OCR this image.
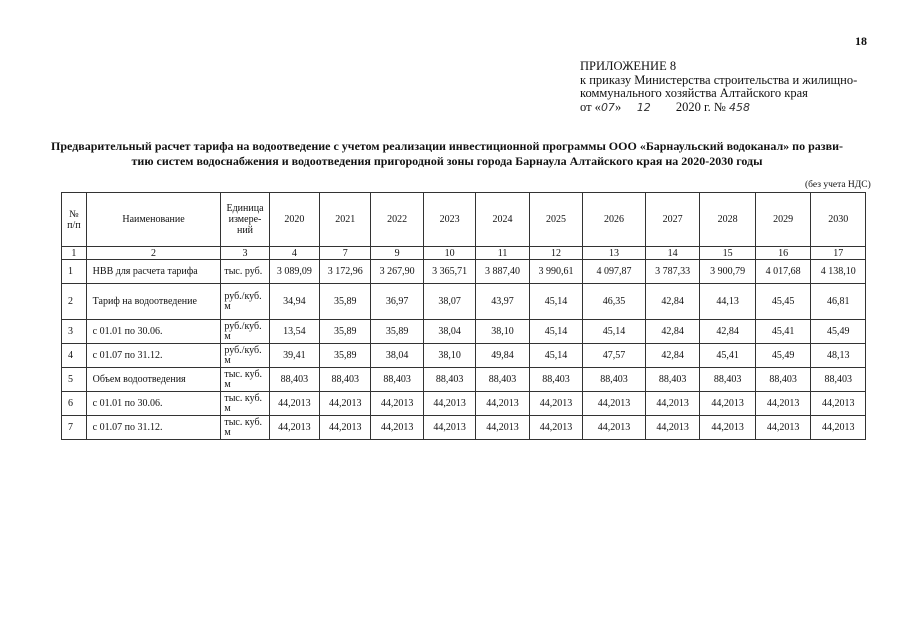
18
ПРИЛОЖЕНИЕ 8
к приказу Министерства строительства и жилищно-
коммунального хозяйства Алтайского края
от «07» 12 2020 г. № 458
Предварительный расчет тарифа на водоотведение с учетом реализации инвестиционной программы ООО «Барнаульский водоканал» по разви-
тию систем водоснабжения и водоотведения пригородной зоны города Барнаула Алтайского края на 2020-2030 годы
(без учета НДС)
№ п/п	Наименование	Единица измере-ний	2020	2021	2022	2023	2024	2025	2026	2027	2028	2029	2030
1	2	3	4	7	9	10	11	12	13	14	15	16	17
1	НВВ для расчета тарифа	тыс. руб.	3 089,09	3 172,96	3 267,90	3 365,71	3 887,40	3 990,61	4 097,87	3 787,33	3 900,79	4 017,68	4 138,10
2	Тариф на водоотведение	руб./куб. м	34,94	35,89	36,97	38,07	43,97	45,14	46,35	42,84	44,13	45,45	46,81
3	с 01.01 по 30.06.	руб./куб. м	13,54	35,89	35,89	38,04	38,10	45,14	45,14	42,84	42,84	45,41	45,49
4	с 01.07 по 31.12.	руб./куб. м	39,41	35,89	38,04	38,10	49,84	45,14	47,57	42,84	45,41	45,49	48,13
5	Объем водоотведения	тыс. куб. м	88,403	88,403	88,403	88,403	88,403	88,403	88,403	88,403	88,403	88,403	88,403
6	с 01.01 по 30.06.	тыс. куб. м	44,2013	44,2013	44,2013	44,2013	44,2013	44,2013	44,2013	44,2013	44,2013	44,2013	44,2013
7	с 01.07 по 31.12.	тыс. куб. м	44,2013	44,2013	44,2013	44,2013	44,2013	44,2013	44,2013	44,2013	44,2013	44,2013	44,2013
